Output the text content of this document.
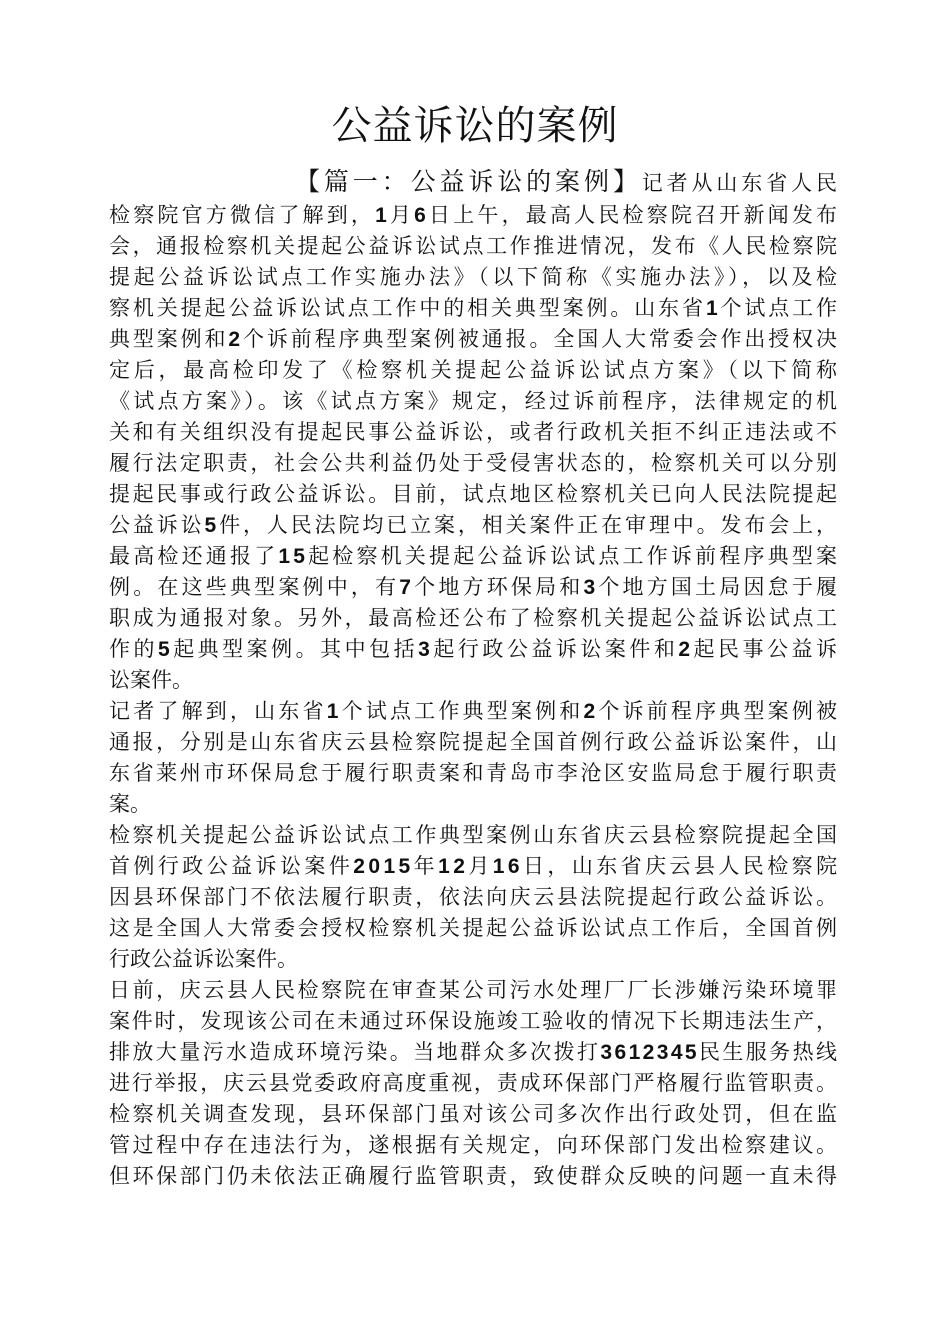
公益诉讼的案例
【篇一：公益诉讼的案例】记者从山东省人民
检察院官方微信了解到，1月6日上午，最高人民检察院召开新闻发布
会，通报检察机关提起公益诉讼试点工作推进情况，发布《人民检察院
提起公益诉讼试点工作实施办法》（以下简称《实施办法》），以及检
察机关提起公益诉讼试点工作中的相关典型案例。山东省1个试点工作
典型案例和2个诉前程序典型案例被通报。全国人大常委会作出授权决
定后，最高检印发了《检察机关提起公益诉讼试点方案》（以下简称
《试点方案》）。该《试点方案》规定，经过诉前程序，法律规定的机
关和有关组织没有提起民事公益诉讼，或者行政机关拒不纠正违法或不
履行法定职责，社会公共利益仍处于受侵害状态的，检察机关可以分别
提起民事或行政公益诉讼。目前，试点地区检察机关已向人民法院提起
公益诉讼5件，人民法院均已立案，相关案件正在审理中。发布会上，
最高检还通报了15起检察机关提起公益诉讼试点工作诉前程序典型案
例。在这些典型案例中，有7个地方环保局和3个地方国土局因怠于履
职成为通报对象。另外，最高检还公布了检察机关提起公益诉讼试点工
作的5起典型案例。其中包括3起行政公益诉讼案件和2起民事公益诉
讼案件。
记者了解到，山东省1个试点工作典型案例和2个诉前程序典型案例被
通报，分别是山东省庆云县检察院提起全国首例行政公益诉讼案件，山
东省莱州市环保局怠于履行职责案和青岛市李沧区安监局怠于履行职责
案。
检察机关提起公益诉讼试点工作典型案例山东省庆云县检察院提起全国
首例行政公益诉讼案件2015年12月16日，山东省庆云县人民检察院
因县环保部门不依法履行职责，依法向庆云县法院提起行政公益诉讼。
这是全国人大常委会授权检察机关提起公益诉讼试点工作后，全国首例
行政公益诉讼案件。
日前，庆云县人民检察院在审查某公司污水处理厂厂长涉嫌污染环境罪
案件时，发现该公司在未通过环保设施竣工验收的情况下长期违法生产，
排放大量污水造成环境污染。当地群众多次拨打3612345民生服务热线
进行举报，庆云县党委政府高度重视，责成环保部门严格履行监管职责。
检察机关调查发现，县环保部门虽对该公司多次作出行政处罚，但在监
管过程中存在违法行为，遂根据有关规定，向环保部门发出检察建议。
但环保部门仍未依法正确履行监管职责，致使群众反映的问题一直未得
